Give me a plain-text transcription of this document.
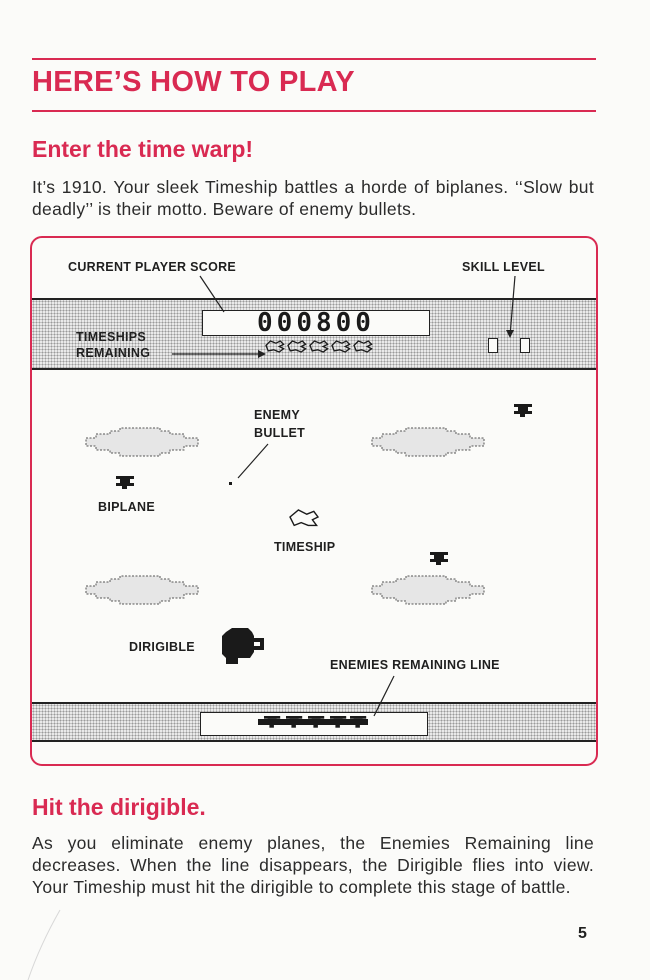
HERE’S HOW TO PLAY
Enter the time warp!
It’s 1910. Your sleek Timeship battles a horde of biplanes. ‘‘Slow but deadly’’ is their motto. Beware of enemy bullets.
CURRENT PLAYER SCORE	SKILL LEVEL
000800
TIMESHIPS
REMAINING
ENEMY
BULLET
BIPLANE
TIMESHIP
DIRIGIBLE
ENEMIES REMAINING LINE
Hit the dirigible.
As you eliminate enemy planes, the Enemies Remaining line decreases. When the line disappears, the Dirigible flies into view. Your Timeship must hit the dirigible to complete this stage of battle.
5
